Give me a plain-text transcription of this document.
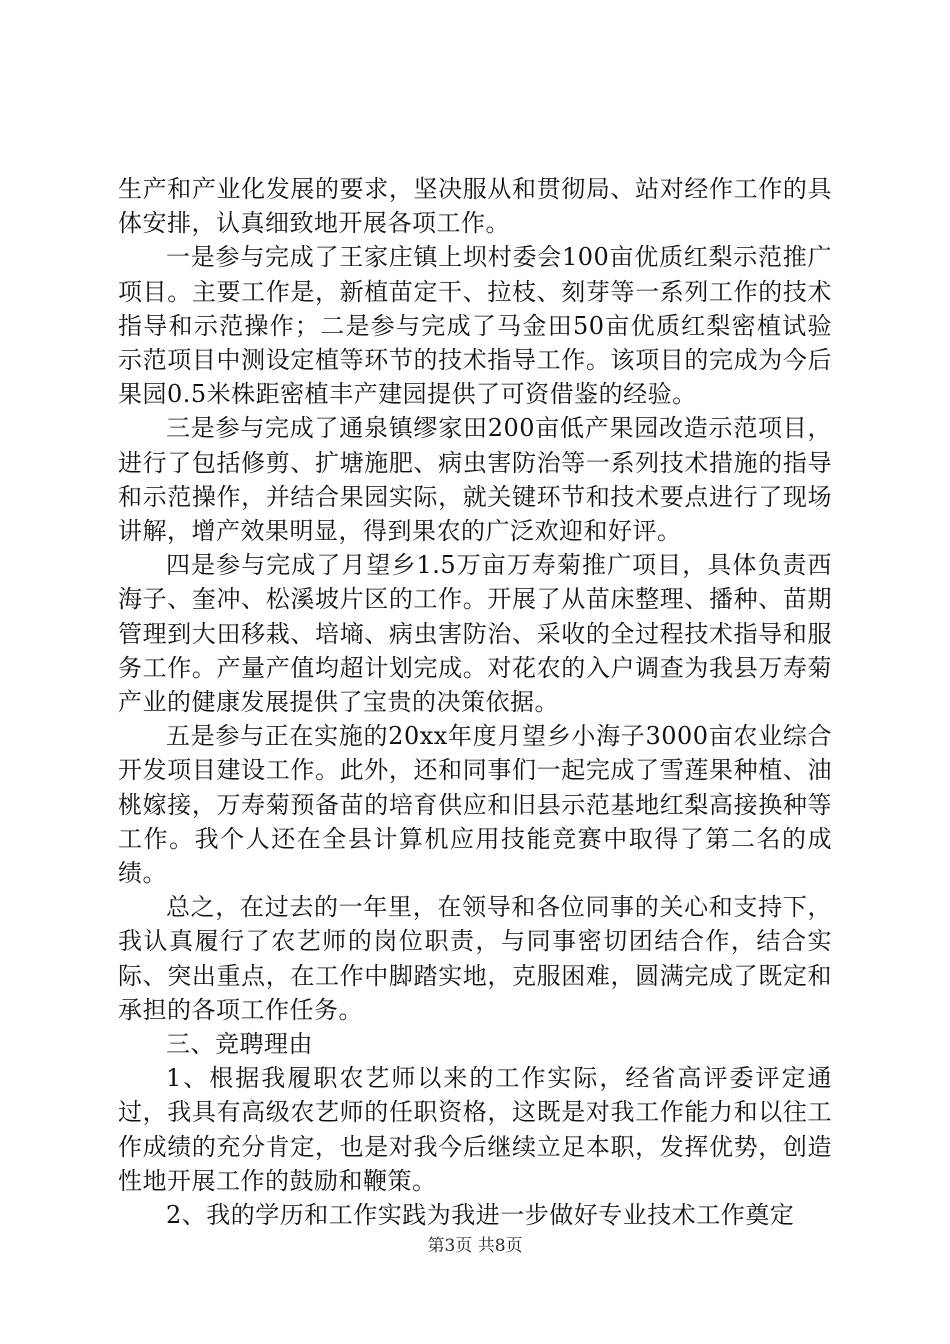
生产和产业化发展的要求，坚决服从和贯彻局、站对经作工作的具体安排，认真细致地开展各项工作。

一是参与完成了王家庄镇上坝村委会100亩优质红梨示范推广项目。主要工作是，新植苗定干、拉枝、刻芽等一系列工作的技术指导和示范操作；二是参与完成了马金田50亩优质红梨密植试验示范项目中测设定植等环节的技术指导工作。该项目的完成为今后果园0.5米株距密植丰产建园提供了可资借鉴的经验。

三是参与完成了通泉镇缪家田200亩低产果园改造示范项目，进行了包括修剪、扩塘施肥、病虫害防治等一系列技术措施的指导和示范操作，并结合果园实际，就关键环节和技术要点进行了现场讲解，增产效果明显，得到果农的广泛欢迎和好评。

四是参与完成了月望乡1.5万亩万寿菊推广项目，具体负责西海子、奎冲、松溪坡片区的工作。开展了从苗床整理、播种、苗期管理到大田移栽、培墒、病虫害防治、采收的全过程技术指导和服务工作。产量产值均超计划完成。对花农的入户调查为我县万寿菊产业的健康发展提供了宝贵的决策依据。

五是参与正在实施的20xx年度月望乡小海子3000亩农业综合开发项目建设工作。此外，还和同事们一起完成了雪莲果种植、油桃嫁接，万寿菊预备苗的培育供应和旧县示范基地红梨高接换种等工作。我个人还在全县计算机应用技能竞赛中取得了第二名的成绩。

总之，在过去的一年里，在领导和各位同事的关心和支持下，我认真履行了农艺师的岗位职责，与同事密切团结合作，结合实际、突出重点，在工作中脚踏实地，克服困难，圆满完成了既定和承担的各项工作任务。

三、竞聘理由

1、根据我履职农艺师以来的工作实际，经省高评委评定通过，我具有高级农艺师的任职资格，这既是对我工作能力和以往工作成绩的充分肯定，也是对我今后继续立足本职，发挥优势，创造性地开展工作的鼓励和鞭策。

2、我的学历和工作实践为我进一步做好专业技术工作奠定

第3页 共8页
